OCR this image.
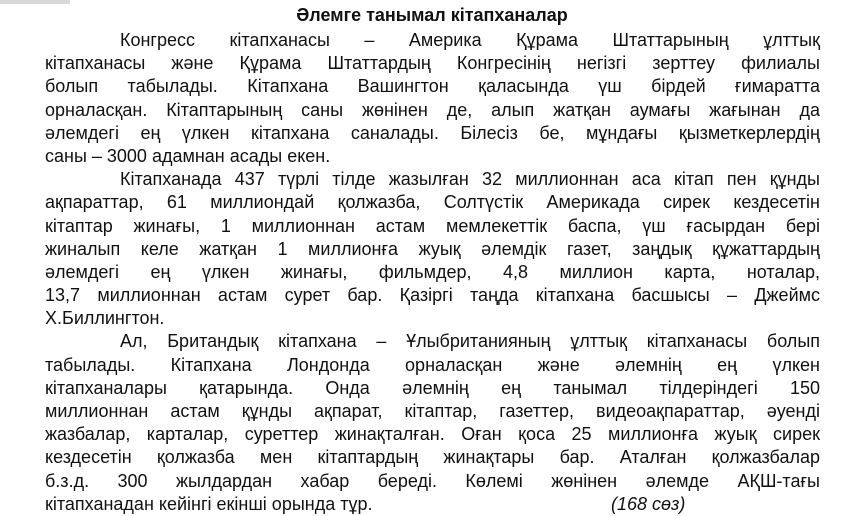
Әлемге танымал кітапханалар
Конгресс кітапханасы – Америка Құрама Штаттарының ұлттық
кітапханасы және Құрама Штаттардың Конгресінің негізгі зерттеу филиалы
болып табылады. Кітапхана Вашингтон қаласында үш бірдей ғимаратта
орналасқан. Кітаптарының саны жөнінен де, алып жатқан аумағы жағынан да
әлемдегі ең үлкен кітапхана саналады. Білесіз бе, мұндағы қызметкерлердің
саны – 3000 адамнан асады екен.
Кітапханада 437 түрлі тілде жазылған 32 миллионнан аса кітап пен құнды
ақпараттар, 61 миллиондай қолжазба, Солтүстік Америкада сирек кездесетін
кітаптар жинағы, 1 миллионнан астам мемлекеттік баспа, үш ғасырдан бері
жиналып келе жатқан 1 миллионға жуық әлемдік газет, заңдық құжаттардың
әлемдегі ең үлкен жинағы, фильмдер, 4,8 миллион карта, ноталар,
13,7 миллионнан астам сурет бар. Қазіргі таңда кітапхана басшысы – Джеймс
Х.Биллингтон.
Ал, Британдық кітапхана – Ұлыбританияның ұлттық кітапханасы болып
табылады. Кітапхана Лондонда орналасқан және әлемнің ең үлкен
кітапханалары қатарында. Онда әлемнің ең танымал тілдеріндегі 150
миллионнан астам құнды ақпарат, кітаптар, газеттер, видеоақпараттар, әуенді
жазбалар, карталар, суреттер жинақталған. Оған қоса 25 миллионға жуық сирек
кездесетін қолжазба мен кітаптардың жинақтары бар. Аталған қолжазбалар
б.з.д. 300 жылдардан хабар береді. Көлемі жөнінен әлемде АҚШ-тағы
кітапханадан кейінгі екінші орында тұр.	(168 сөз)
